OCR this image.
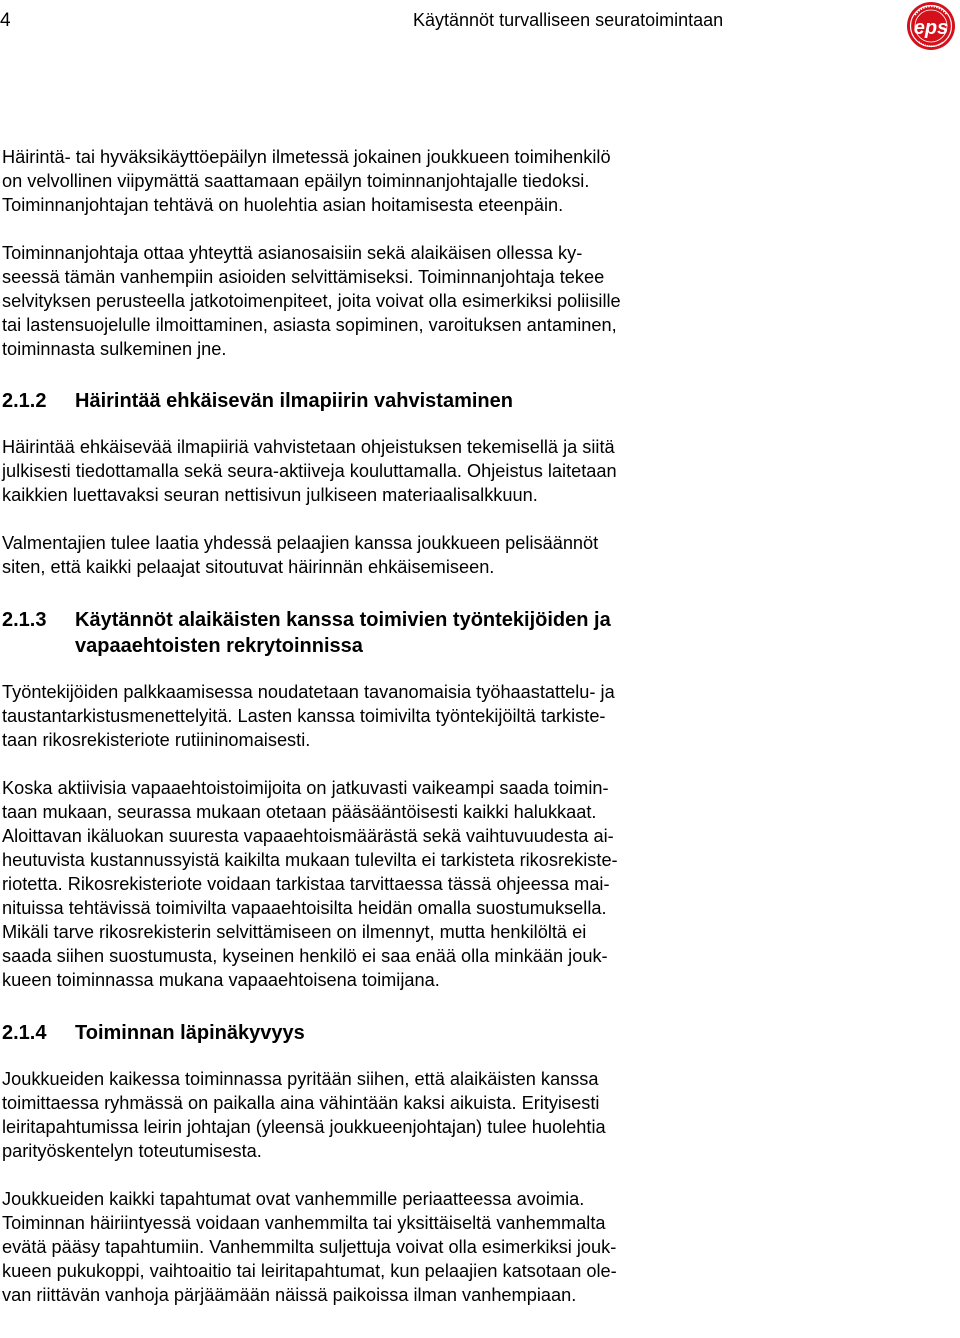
4	Käytännöt turvalliseen seuratoimintaan	eps

Häirintä- tai hyväksikäyttöepäilyn ilmetessä jokainen joukkueen toimihenkilö
on velvollinen viipymättä saattamaan epäilyn toiminnanjohtajalle tiedoksi.
Toiminnanjohtajan tehtävä on huolehtia asian hoitamisesta eteenpäin.

Toiminnanjohtaja ottaa yhteyttä asianosaisiin sekä alaikäisen ollessa ky-
seessä tämän vanhempiin asioiden selvittämiseksi. Toiminnanjohtaja tekee
selvityksen perusteella jatkotoimenpiteet, joita voivat olla esimerkiksi poliisille
tai lastensuojelulle ilmoittaminen, asiasta sopiminen, varoituksen antaminen,
toiminnasta sulkeminen jne.

2.1.2	Häirintää ehkäisevän ilmapiirin vahvistaminen

Häirintää ehkäisevää ilmapiiriä vahvistetaan ohjeistuksen tekemisellä ja siitä
julkisesti tiedottamalla sekä seura-aktiiveja kouluttamalla. Ohjeistus laitetaan
kaikkien luettavaksi seuran nettisivun julkiseen materiaalisalkkuun.

Valmentajien tulee laatia yhdessä pelaajien kanssa joukkueen pelisäännöt
siten, että kaikki pelaajat sitoutuvat häirinnän ehkäisemiseen.

2.1.3	Käytännöt alaikäisten kanssa toimivien työntekijöiden ja vapaaehtoisten rekrytoinnissa

Työntekijöiden palkkaamisessa noudatetaan tavanomaisia työhaastattelu- ja
taustantarkistusmenettelyitä. Lasten kanssa toimivilta työntekijöiltä tarkiste-
taan rikosrekisteriote rutiininomaisesti.

Koska aktiivisia vapaaehtoistoimijoita on jatkuvasti vaikeampi saada toimin-
taan mukaan, seurassa mukaan otetaan pääsääntöisesti kaikki halukkaat.
Aloittavan ikäluokan suuresta vapaaehtoismäärästä sekä vaihtuvuudesta ai-
heutuvista kustannussyistä kaikilta mukaan tulevilta ei tarkisteta rikosrekiste-
riotetta. Rikosrekisteriote voidaan tarkistaa tarvittaessa tässä ohjeessa mai-
nituissa tehtävissä toimivilta vapaaehtoisilta heidän omalla suostumuksella.
Mikäli tarve rikosrekisterin selvittämiseen on ilmennyt, mutta henkilöltä ei
saada siihen suostumusta, kyseinen henkilö ei saa enää olla minkään jouk-
kueen toiminnassa mukana vapaaehtoisena toimijana.

2.1.4	Toiminnan läpinäkyvyys

Joukkueiden kaikessa toiminnassa pyritään siihen, että alaikäisten kanssa
toimittaessa ryhmässä on paikalla aina vähintään kaksi aikuista. Erityisesti
leiritapahtumissa leirin johtajan (yleensä joukkueenjohtajan) tulee huolehtia
parityöskentelyn toteutumisesta.

Joukkueiden kaikki tapahtumat ovat vanhemmille periaatteessa avoimia.
Toiminnan häiriintyessä voidaan vanhemmilta tai yksittäiseltä vanhemmalta
evätä pääsy tapahtumiin. Vanhemmilta suljettuja voivat olla esimerkiksi jouk-
kueen pukukoppi, vaihtoaitio tai leiritapahtumat, kun pelaajien katsotaan ole-
van riittävän vanhoja pärjäämään näissä paikoissa ilman vanhempiaan.
